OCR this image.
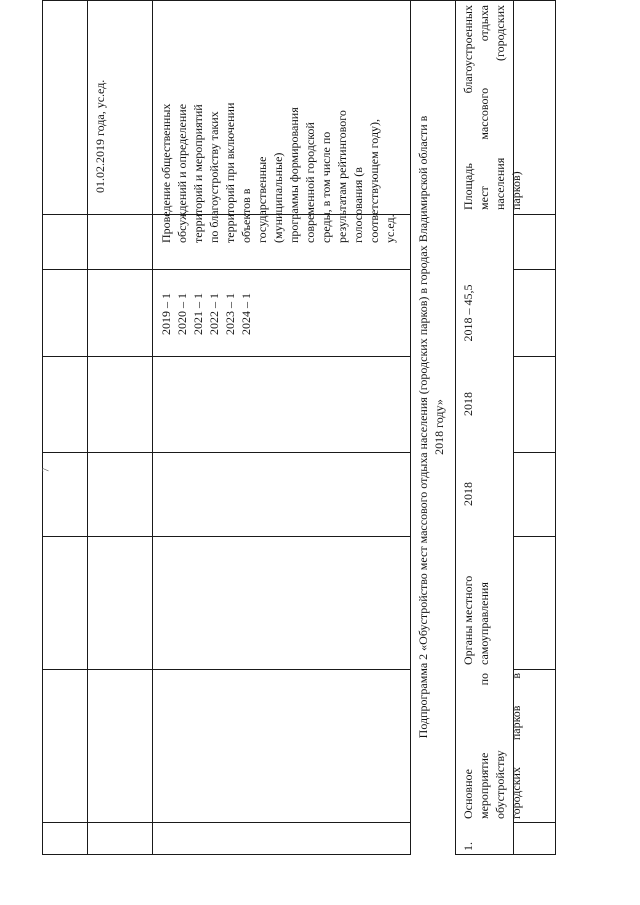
2019 – 1 2020 – 1 2021 – 1 2022 – 1 2023 – 1 2024 – 1
Проведение общественных обсуждений и определение территорий и мероприятий по благоустройству таких территорий при включении объектов в государственные (муниципальные) программы формирования современной городской среды, в том числе по результатам рейтингового голосования (в соответствующем году), ус.ед.
01.02.2019 года, ус.ед.	Подпрограмма 2 «Обустройство мест массового отдыха населения (городских парков) в городах Владимирской области в 2018 году»
1.
Основное мероприятие
по
обустройству городских
парков
в
Органы местного самоуправления
2018
2018
2018 – 45,5
Площадь
благоустроенных
мест
массового
отдыха
населения
(городских
парков)
7
